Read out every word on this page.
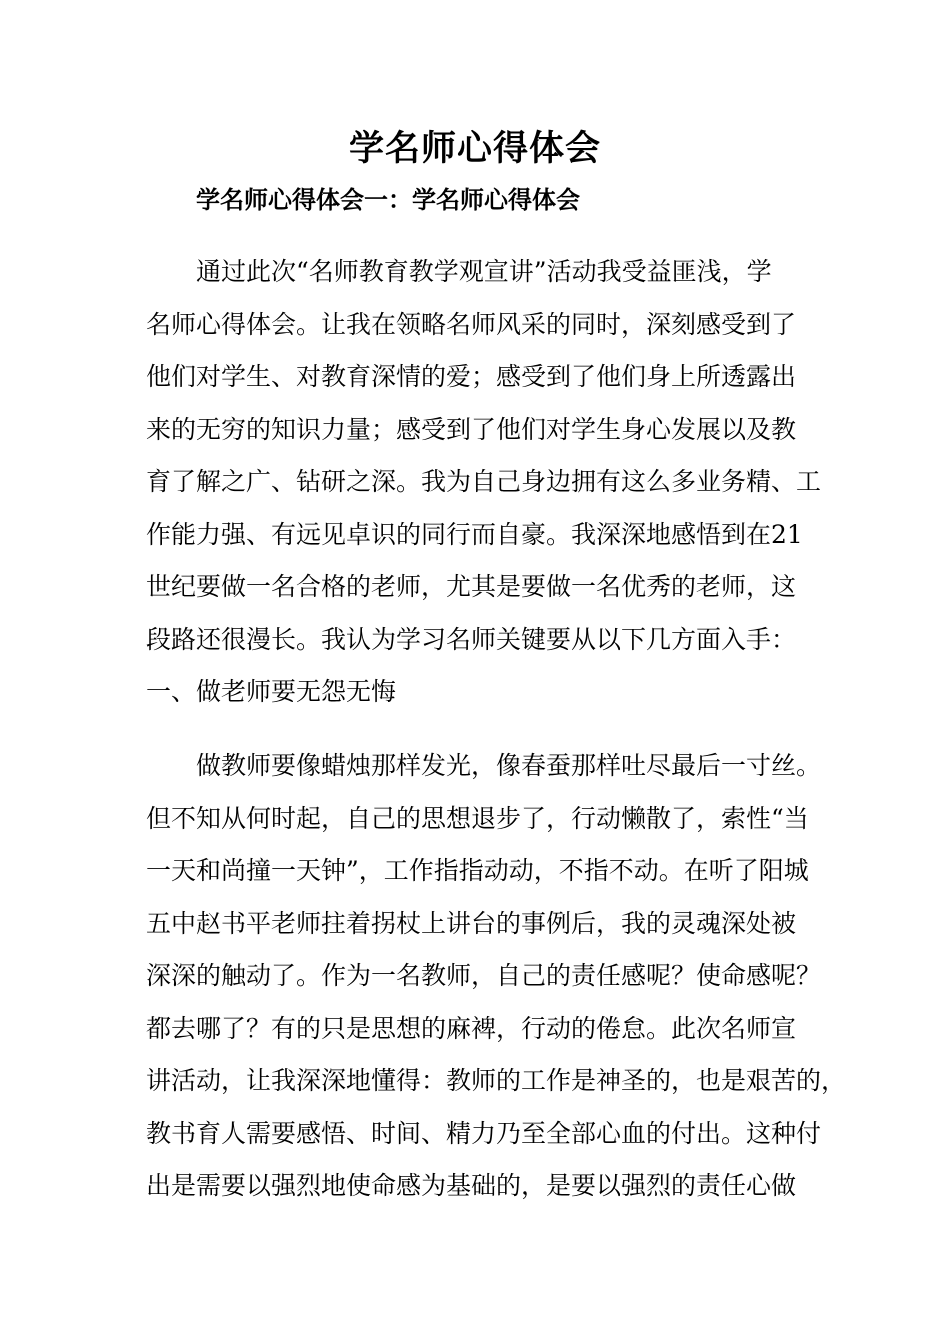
学名师心得体会
学名师心得体会一：学名师心得体会
通过此次“名师教育教学观宣讲”活动我受益匪浅，学
名师心得体会。让我在领略名师风采的同时，深刻感受到了
他们对学生、对教育深情的爱；感受到了他们身上所透露出
来的无穷的知识力量；感受到了他们对学生身心发展以及教
育了解之广、钻研之深。我为自己身边拥有这么多业务精、工
作能力强、有远见卓识的同行而自豪。我深深地感悟到在21
世纪要做一名合格的老师，尤其是要做一名优秀的老师，这
段路还很漫长。我认为学习名师关键要从以下几方面入手：
一、做老师要无怨无悔
做教师要像蜡烛那样发光，像春蚕那样吐尽最后一寸丝。
但不知从何时起，自己的思想退步了，行动懒散了，索性“当
一天和尚撞一天钟”，工作指指动动，不指不动。在听了阳城
五中赵书平老师拄着拐杖上讲台的事例后，我的灵魂深处被
深深的触动了。作为一名教师，自己的责任感呢？使命感呢？
都去哪了？有的只是思想的麻裨，行动的倦怠。此次名师宣
讲活动，让我深深地懂得：教师的工作是神圣的，也是艰苦的，
教书育人需要感悟、时间、精力乃至全部心血的付出。这种付
出是需要以强烈地使命感为基础的，是要以强烈的责任心做
